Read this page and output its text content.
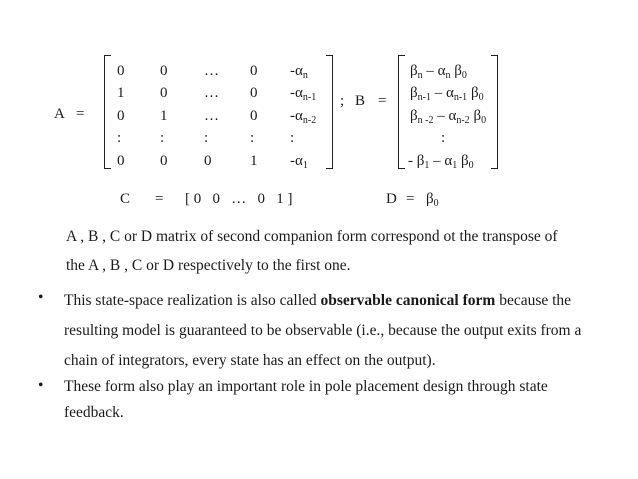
A =
0 0 … 0 $-\alpha_n$
1 0 … 0 $-\alpha_{n-1}$
0 1 … 0 $-\alpha_{n-2}$
:	:	:	: :
0 0 0	1 $-\alpha_1$
; B =
$\beta_n - \alpha_n$ $\beta_0$
$\beta_{n-1} - \alpha_{n-1}$ $\beta_0$
$\beta_{n -2} - \alpha_{n-2}$ $\beta_0$
:
- $\beta_1 - \alpha_1$ $\beta_0$
C = [ 0   0   …   0   1 ]	$D = \beta_0$
A , B , C or D matrix of second companion form correspond ot the transpose of
the A , B , C or D respectively to the first one.
• This state-space realization is also called observable canonical form because the resulting model is guaranteed to be observable (i.e., because the output exits from a chain of integrators, every state has an effect on the output).
• These form also play an important role in pole placement design through state feedback.
